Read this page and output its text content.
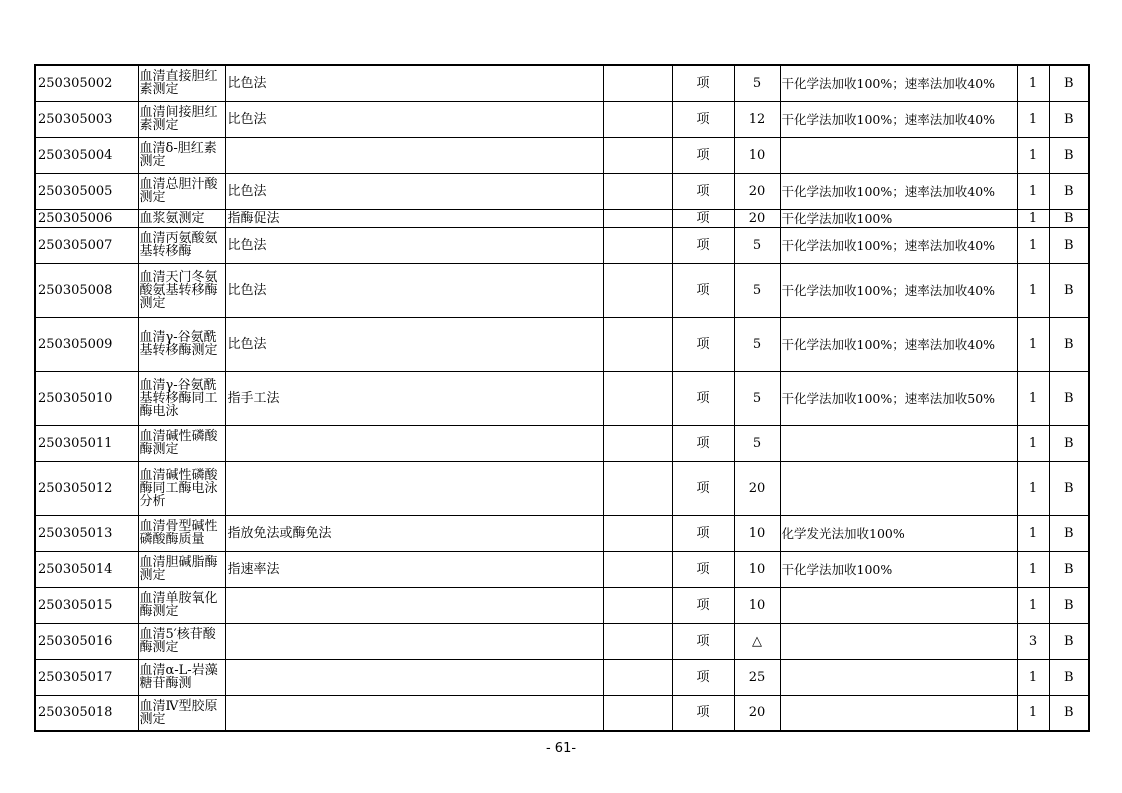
250305002	血清直接胆红素测定	比色法		项	5	干化学法加收100%；速率法加收40%	1	B
250305003	血清间接胆红素测定	比色法		项	12	干化学法加收100%；速率法加收40%	1	B
250305004	血清δ-胆红素测定			项	10		1	B
250305005	血清总胆汁酸测定	比色法		项	20	干化学法加收100%；速率法加收40%	1	B
250305006	血浆氨测定	指酶促法		项	20	干化学法加收100%	1	B
250305007	血清丙氨酸氨基转移酶	比色法		项	5	干化学法加收100%；速率法加收40%	1	B
250305008	血清天门冬氨酸氨基转移酶测定	比色法		项	5	干化学法加收100%；速率法加收40%	1	B
250305009	血清γ-谷氨酰基转移酶测定	比色法		项	5	干化学法加收100%；速率法加收40%	1	B
250305010	血清γ-谷氨酰基转移酶同工酶电泳	指手工法		项	5	干化学法加收100%；速率法加收50%	1	B
250305011	血清碱性磷酸酶测定			项	5		1	B
250305012	血清碱性磷酸酶同工酶电泳分析			项	20		1	B
250305013	血清骨型碱性磷酸酶质量	指放免法或酶免法		项	10	化学发光法加收100%	1	B
250305014	血清胆碱脂酶测定	指速率法		项	10	干化学法加收100%	1	B
250305015	血清单胺氧化酶测定			项	10		1	B
250305016	血清5′核苷酸酶测定			项	△		3	B
250305017	血清α-L-岩藻糖苷酶测			项	25		1	B
250305018	血清Ⅳ型胶原测定			项	20		1	B
- 61-
